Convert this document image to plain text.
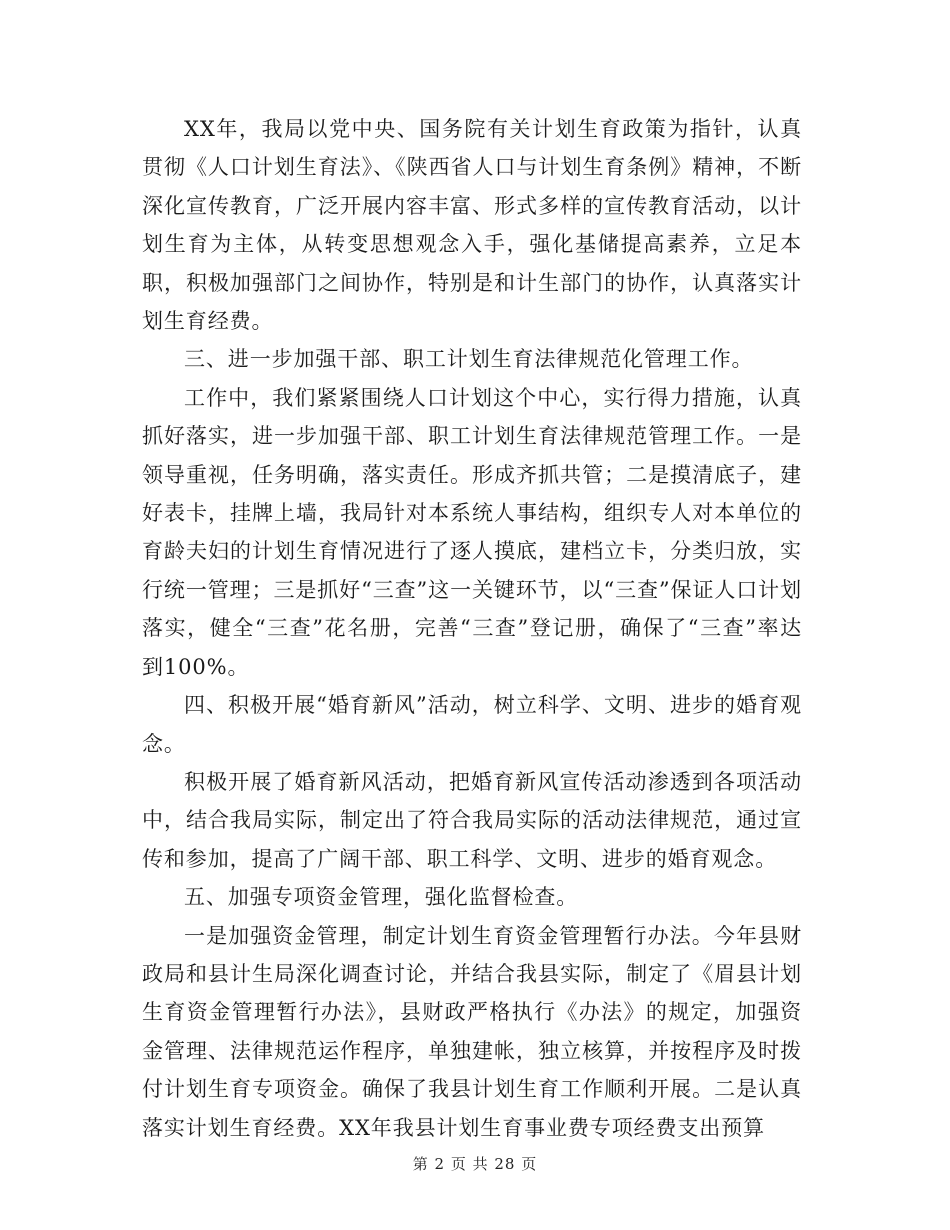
XX年，我局以党中央、国务院有关计划生育政策为指针，认真贯彻《人口计划生育法》、《陕西省人口与计划生育条例》精神，不断深化宣传教育，广泛开展内容丰富、形式多样的宣传教育活动，以计划生育为主体，从转变思想观念入手，强化基储提高素养，立足本职，积极加强部门之间协作，特别是和计生部门的协作，认真落实计划生育经费。

三、进一步加强干部、职工计划生育法律规范化管理工作。

工作中，我们紧紧围绕人口计划这个中心，实行得力措施，认真抓好落实，进一步加强干部、职工计划生育法律规范管理工作。一是领导重视，任务明确，落实责任。形成齐抓共管；二是摸清底子，建好表卡，挂牌上墙，我局针对本系统人事结构，组织专人对本单位的育龄夫妇的计划生育情况进行了逐人摸底，建档立卡，分类归放，实行统一管理；三是抓好“三查”这一关键环节，以“三查”保证人口计划落实，健全“三查”花名册，完善“三查”登记册，确保了“三查”率达到100%。

四、积极开展“婚育新风”活动，树立科学、文明、进步的婚育观念。

积极开展了婚育新风活动，把婚育新风宣传活动渗透到各项活动中，结合我局实际，制定出了符合我局实际的活动法律规范，通过宣传和参加，提高了广阔干部、职工科学、文明、进步的婚育观念。

五、加强专项资金管理，强化监督检查。

一是加强资金管理，制定计划生育资金管理暂行办法。今年县财政局和县计生局深化调查讨论，并结合我县实际，制定了《眉县计划生育资金管理暂行办法》，县财政严格执行《办法》的规定，加强资金管理、法律规范运作程序，单独建帐，独立核算，并按程序及时拨付计划生育专项资金。确保了我县计划生育工作顺利开展。二是认真落实计划生育经费。XX年我县计划生育事业费专项经费支出预算

第 2 页 共 28 页
